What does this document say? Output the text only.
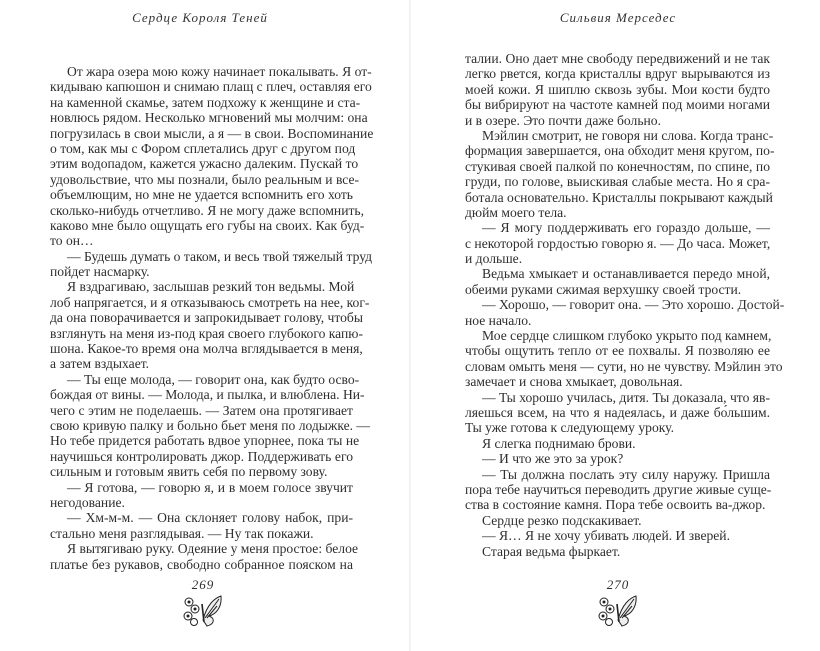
Сердце Короля Теней
От жара озера мою кожу начинает покалывать. Я от-
кидываю капюшон и снимаю плащ с плеч, оставляя его
на каменной скамье, затем подхожу к женщине и ста-
новлюсь рядом. Несколько мгновений мы молчим: она
погрузилась в свои мысли, а я — в свои. Воспоминание
о том, как мы с Фором сплетались друг с другом под
этим водопадом, кажется ужасно далеким. Пускай то
удовольствие, что мы познали, было реальным и все-
объемлющим, но мне не удается вспомнить его хоть
сколько-нибудь отчетливо. Я не могу даже вспомнить,
каково мне было ощущать его губы на своих. Как буд-
то он…
— Будешь думать о таком, и весь твой тяжелый труд
пойдет насмарку.
Я вздрагиваю, заслышав резкий тон ведьмы. Мой
лоб напрягается, и я отказываюсь смотреть на нее, ког-
да она поворачивается и запрокидывает голову, чтобы
взглянуть на меня из-под края своего глубокого капю-
шона. Какое-то время она молча вглядывается в меня,
а затем вздыхает.
— Ты еще молода, — говорит она, как будто осво-
бождая от вины. — Молода, и пылка, и влюблена. Ни-
чего с этим не поделаешь. — Затем она протягивает
свою кривую палку и больно бьет меня по лодыжке. —
Но тебе придется работать вдвое упорнее, пока ты не
научишься контролировать джор. Поддерживать его
сильным и готовым явить себя по первому зову.
— Я готова, — говорю я, и в моем голосе звучит
негодование.
— Хм-м-м. — Она склоняет голову набок, при-
стально меня разглядывая. — Ну так покажи.
Я вытягиваю руку. Одеяние у меня простое: белое
платье без рукавов, свободно собранное пояском на
269
Сильвия Мерседес
талии. Оно дает мне свободу передвижений и не так
легко рвется, когда кристаллы вдруг вырываются из
моей кожи. Я шиплю сквозь зубы. Мои кости будто
бы вибрируют на частоте камней под моими ногами
и в озере. Это почти даже больно.
Мэйлин смотрит, не говоря ни слова. Когда транс-
формация завершается, она обходит меня кругом, по-
стукивая своей палкой по конечностям, по спине, по
груди, по голове, выискивая слабые места. Но я сра-
ботала основательно. Кристаллы покрывают каждый
дюйм моего тела.
— Я могу поддерживать его гораздо дольше, —
с некоторой гордостью говорю я. — До часа. Может,
и дольше.
Ведьма хмыкает и останавливается передо мной,
обеими руками сжимая верхушку своей трости.
— Хорошо, — говорит она. — Это хорошо. Достой-
ное начало.
Мое сердце слишком глубоко укрыто под камнем,
чтобы ощутить тепло от ее похвалы. Я позволяю ее
словам омыть меня — сути, но не чувству. Мэйлин это
замечает и снова хмыкает, довольная.
— Ты хорошо училась, дитя. Ты доказала, что яв-
ляешься всем, на что я надеялась, и даже бо́льшим.
Ты уже готова к следующему уроку.
Я слегка поднимаю брови.
— И что же это за урок?
— Ты должна послать эту силу наружу. Пришла
пора тебе научиться переводить другие живые суще-
ства в состояние камня. Пора тебе освоить ва-джор.
Сердце резко подскакивает.
— Я… Я не хочу убивать людей. И зверей.
Старая ведьма фыркает.
270
